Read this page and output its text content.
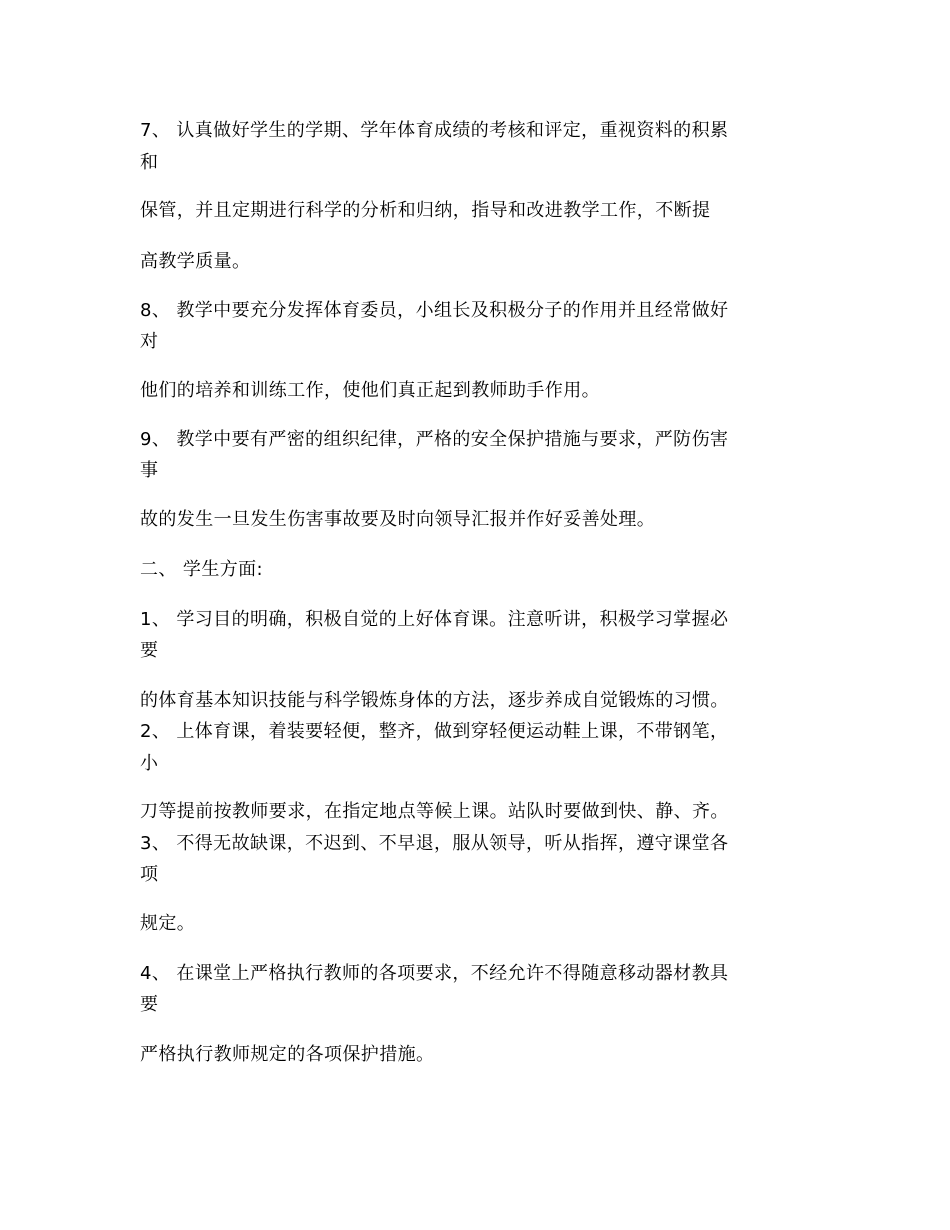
7、 认真做好学生的学期、学年体育成绩的考核和评定，重视资料的积累
和
保管，并且定期进行科学的分析和归纳，指导和改进教学工作，不断提
高教学质量。
8、 教学中要充分发挥体育委员，小组长及积极分子的作用并且经常做好
对
他们的培养和训练工作，使他们真正起到教师助手作用。
9、 教学中要有严密的组织纪律，严格的安全保护措施与要求，严防伤害
事
故的发生一旦发生伤害事故要及时向领导汇报并作好妥善处理。
二、 学生方面:
1、 学习目的明确，积极自觉的上好体育课。注意听讲，积极学习掌握必
要
的体育基本知识技能与科学锻炼身体的方法，逐步养成自觉锻炼的习惯。
2、 上体育课，着装要轻便，整齐，做到穿轻便运动鞋上课，不带钢笔，
小
刀等提前按教师要求，在指定地点等候上课。站队时要做到快、静、齐。
3、 不得无故缺课，不迟到、不早退，服从领导，听从指挥，遵守课堂各
项
规定。
4、 在课堂上严格执行教师的各项要求，不经允许不得随意移动器材教具
要
严格执行教师规定的各项保护措施。
